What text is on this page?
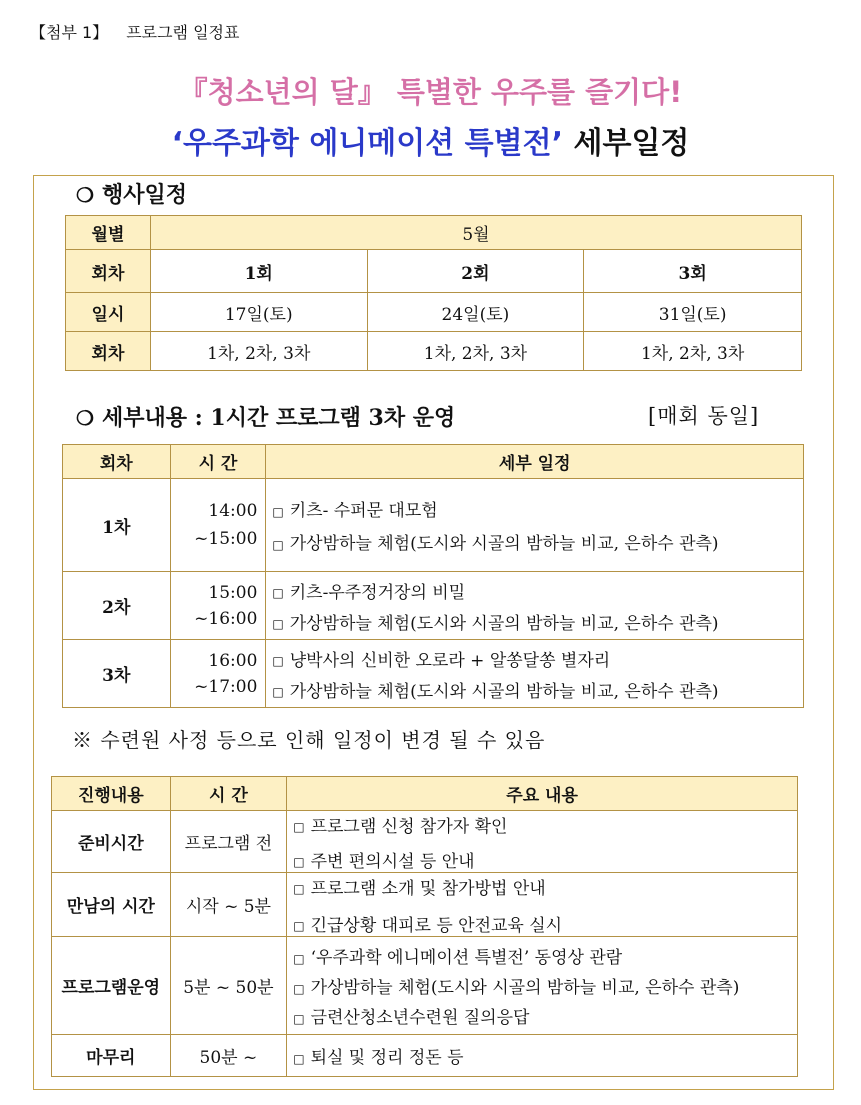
【첨부 1】 프로그램 일정표
『청소년의 달』 특별한 우주를 즐기다!
‘우주과학 에니메이션 특별전’ 세부일정
❍ 행사일정
월별	5월		
회차	1회	2회	3회
일시	17일(토)	24일(토)	31일(토)
회차	1차, 2차, 3차	1차, 2차, 3차	1차, 2차, 3차
❍ 세부내용 : 1시간 프로그램 3차 운영	[매회 동일]
회차	시 간	세부 일정
1차	14:00
~15:00	□ 키츠- 수퍼문 대모험
□ 가상밤하늘 체험(도시와 시골의 밤하늘 비교, 은하수 관측)

2차	15:00
~16:00	□ 키츠-우주정거장의 비밀
□ 가상밤하늘 체험(도시와 시골의 밤하늘 비교, 은하수 관측)

3차	16:00
~17:00	□ 냥박사의 신비한 오로라 + 알쏭달쏭 별자리
□ 가상밤하늘 체험(도시와 시골의 밤하늘 비교, 은하수 관측)
※ 수련원 사정 등으로 인해 일정이 변경 될 수 있음
진행내용	시 간	주요 내용
준비시간	프로그램 전	□ 프로그램 신청 참가자 확인
□ 주변 편의시설 등 안내

만남의 시간	시작 ~ 5분	□ 프로그램 소개 및 참가방법 안내
□ 긴급상황 대피로 등 안전교육 실시

프로그램운영	5분 ~ 50분	□ ‘우주과학 에니메이션 특별전’ 동영상 관람
□ 가상밤하늘 체험(도시와 시골의 밤하늘 비교, 은하수 관측)
□ 금련산청소년수련원 질의응답

마무리	50분 ~	□ 퇴실 및 정리 정돈 등
